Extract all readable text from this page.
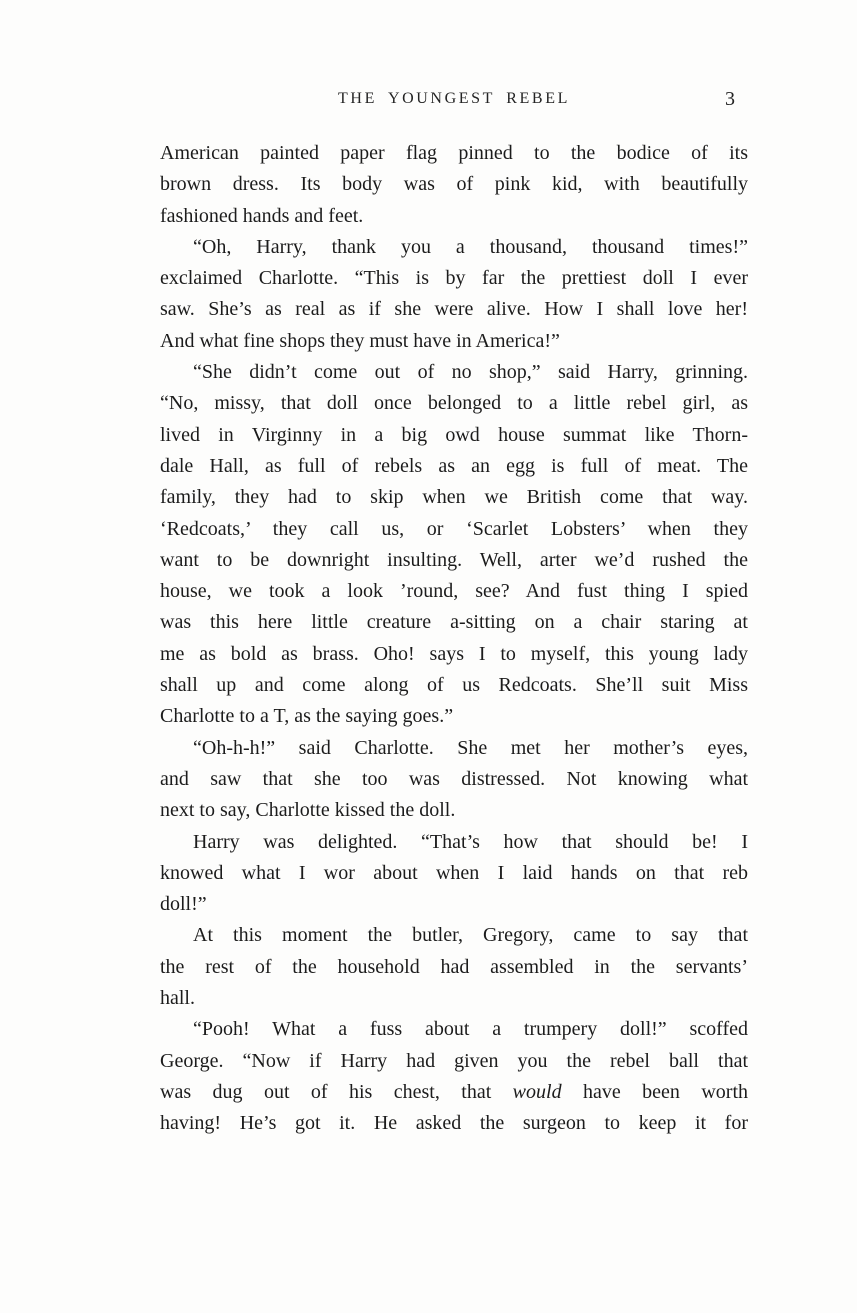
THE YOUNGEST REBEL	3
American painted paper flag pinned to the bodice of its
brown dress. Its body was of pink kid, with beautifully
fashioned hands and feet.
“Oh, Harry, thank you a thousand, thousand times!”
exclaimed Charlotte. “This is by far the prettiest doll I ever
saw. She’s as real as if she were alive. How I shall love her!
And what fine shops they must have in America!”
“She didn’t come out of no shop,” said Harry, grinning.
“No, missy, that doll once belonged to a little rebel girl, as
lived in Virginny in a big owd house summat like Thorn-
dale Hall, as full of rebels as an egg is full of meat. The
family, they had to skip when we British come that way.
‘Redcoats,’ they call us, or ‘Scarlet Lobsters’ when they
want to be downright insulting. Well, arter we’d rushed the
house, we took a look ’round, see? And fust thing I spied
was this here little creature a-sitting on a chair staring at
me as bold as brass. Oho! says I to myself, this young lady
shall up and come along of us Redcoats. She’ll suit Miss
Charlotte to a T, as the saying goes.”
“Oh-h-h!” said Charlotte. She met her mother’s eyes,
and saw that she too was distressed. Not knowing what
next to say, Charlotte kissed the doll.
Harry was delighted. “That’s how that should be! I
knowed what I wor about when I laid hands on that reb
doll!”
At this moment the butler, Gregory, came to say that
the rest of the household had assembled in the servants’
hall.
“Pooh! What a fuss about a trumpery doll!” scoffed
George. “Now if Harry had given you the rebel ball that
was dug out of his chest, that would have been worth
having! He’s got it. He asked the surgeon to keep it for
